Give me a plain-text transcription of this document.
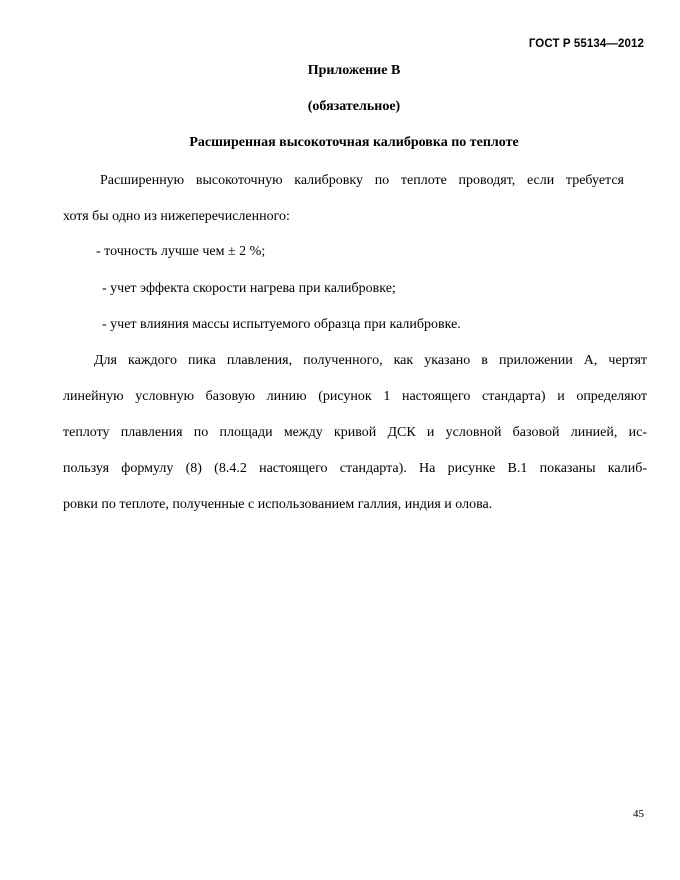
ГОСТ Р 55134—2012
Приложение В
(обязательное)
Расширенная высокоточная калибровка по теплоте
Расширенную высокоточную калибровку по теплоте проводят, если требуется
хотя бы одно из нижеперечисленного:
- точность лучше чем ± 2 %;
- учет эффекта скорости нагрева при калибровке;
- учет влияния массы испытуемого образца при калибровке.
Для каждого пика плавления, полученного, как указано в приложении А, чертят
линейную условную базовую линию (рисунок 1 настоящего стандарта) и определяют
теплоту плавления по площади между кривой ДСК и условной базовой линией, ис-
пользуя формулу (8) (8.4.2 настоящего стандарта). На рисунке В.1 показаны калиб-
ровки по теплоте, полученные с использованием галлия, индия и олова.
45
